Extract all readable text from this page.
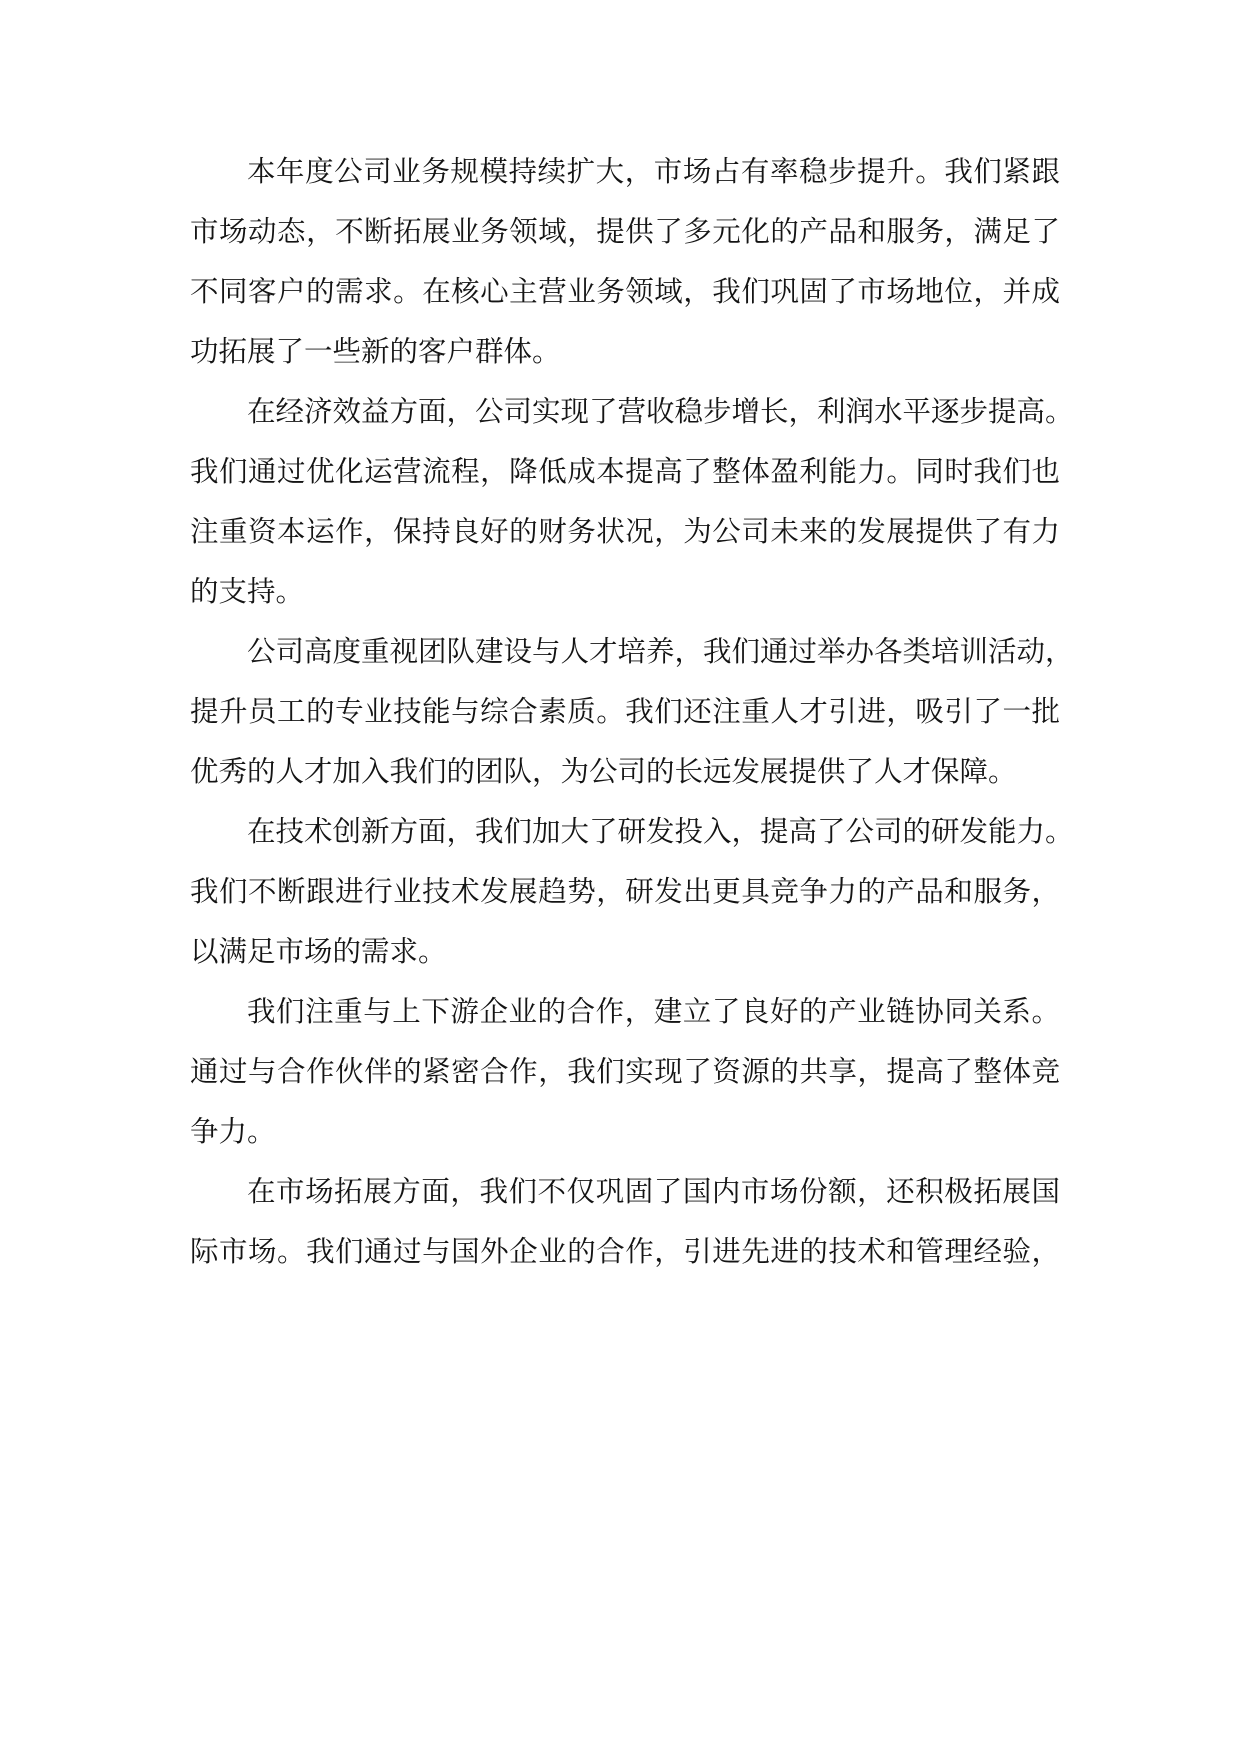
本年度公司业务规模持续扩大，市场占有率稳步提升。我们紧跟
市场动态，不断拓展业务领域，提供了多元化的产品和服务，满足了
不同客户的需求。在核心主营业务领域，我们巩固了市场地位，并成
功拓展了一些新的客户群体。
在经济效益方面，公司实现了营收稳步增长，利润水平逐步提高。
我们通过优化运营流程，降低成本提高了整体盈利能力。同时我们也
注重资本运作，保持良好的财务状况，为公司未来的发展提供了有力
的支持。
公司高度重视团队建设与人才培养，我们通过举办各类培训活动，
提升员工的专业技能与综合素质。我们还注重人才引进，吸引了一批
优秀的人才加入我们的团队，为公司的长远发展提供了人才保障。
在技术创新方面，我们加大了研发投入，提高了公司的研发能力。
我们不断跟进行业技术发展趋势，研发出更具竞争力的产品和服务，
以满足市场的需求。
我们注重与上下游企业的合作，建立了良好的产业链协同关系。
通过与合作伙伴的紧密合作，我们实现了资源的共享，提高了整体竞
争力。
在市场拓展方面，我们不仅巩固了国内市场份额，还积极拓展国
际市场。我们通过与国外企业的合作，引进先进的技术和管理经验，
